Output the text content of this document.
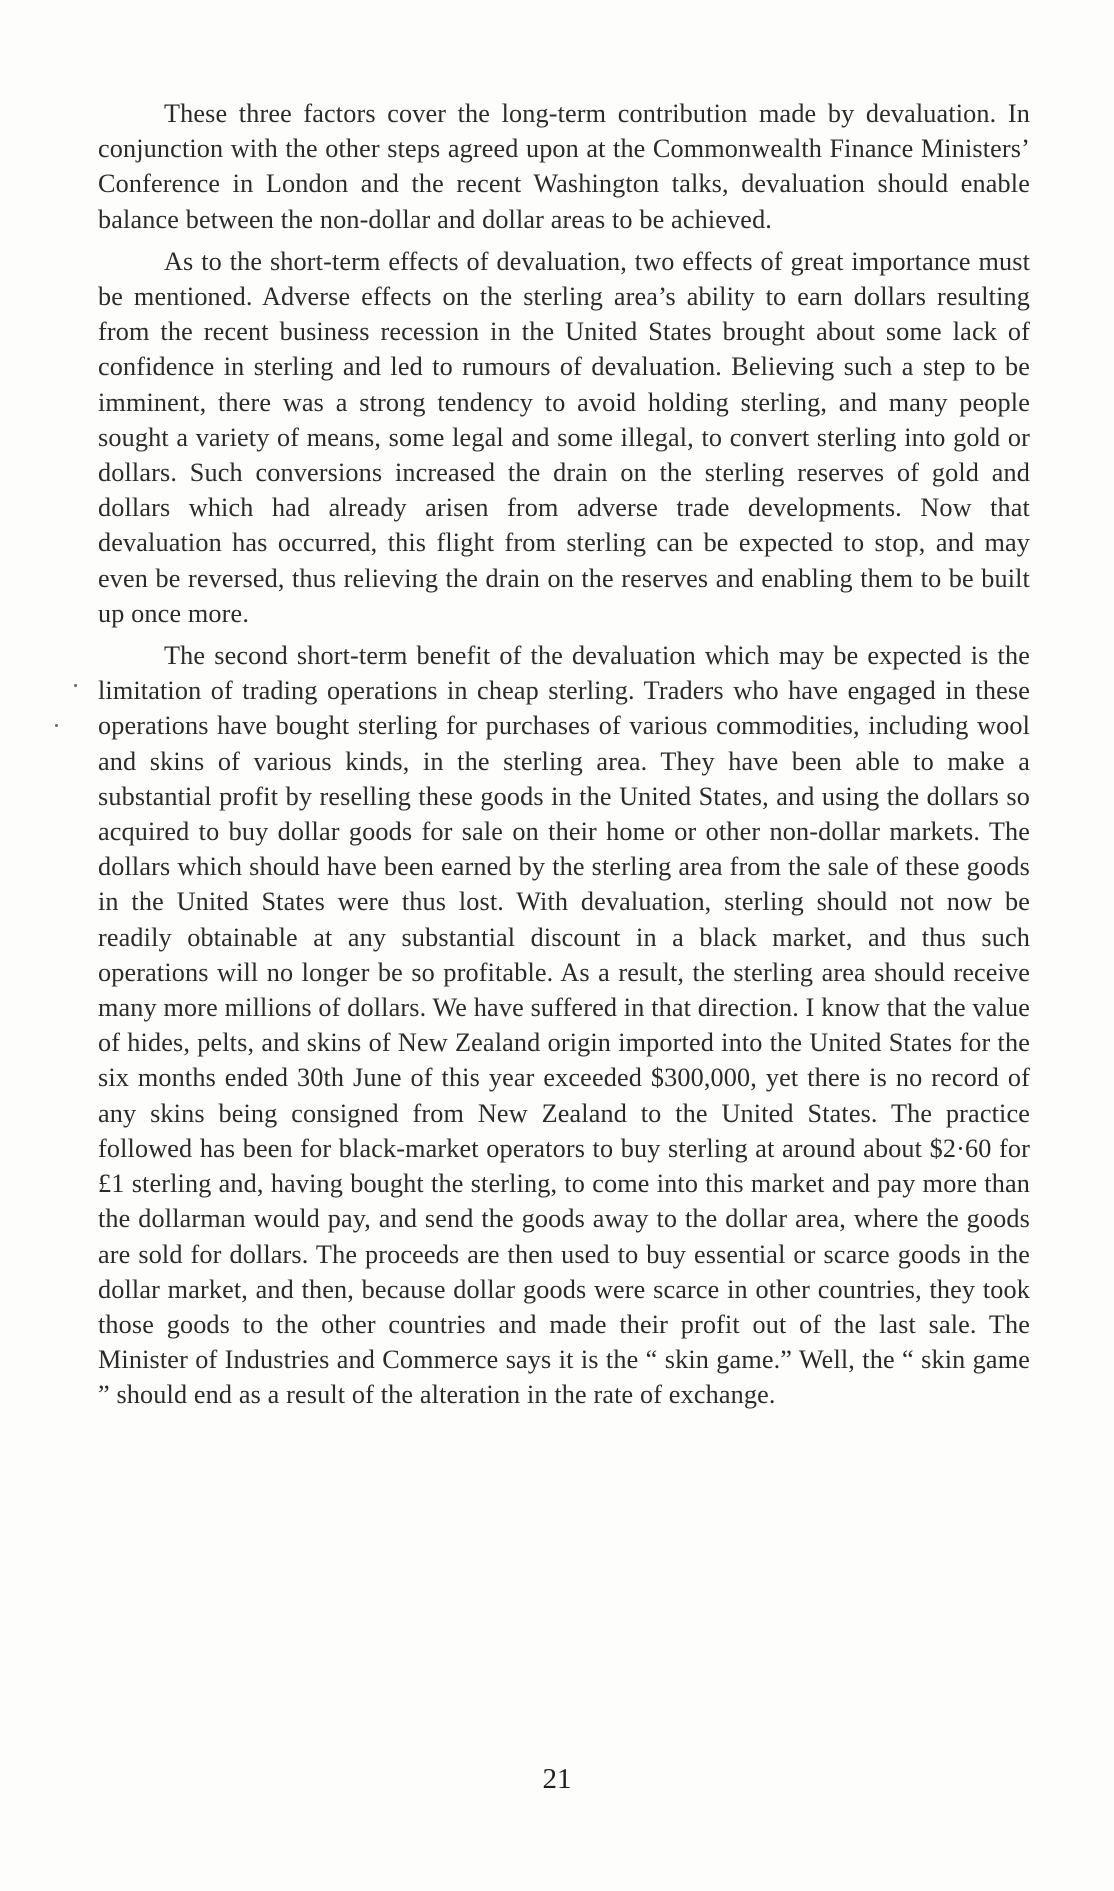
These three factors cover the long-term contribution made by devaluation. In conjunction with the other steps agreed upon at the Commonwealth Finance Ministers’ Conference in London and the recent Washington talks, devaluation should enable balance between the non-dollar and dollar areas to be achieved.

As to the short-term effects of devaluation, two effects of great importance must be mentioned. Adverse effects on the sterling area’s ability to earn dollars resulting from the recent business recession in the United States brought about some lack of confidence in sterling and led to rumours of devaluation. Believing such a step to be imminent, there was a strong tendency to avoid holding sterling, and many people sought a variety of means, some legal and some illegal, to convert sterling into gold or dollars. Such conversions increased the drain on the sterling reserves of gold and dollars which had already arisen from adverse trade developments. Now that devaluation has occurred, this flight from sterling can be expected to stop, and may even be reversed, thus relieving the drain on the reserves and enabling them to be built up once more.

The second short-term benefit of the devaluation which may be expected is the limitation of trading operations in cheap sterling. Traders who have engaged in these operations have bought sterling for purchases of various commodities, including wool and skins of various kinds, in the sterling area. They have been able to make a substantial profit by reselling these goods in the United States, and using the dollars so acquired to buy dollar goods for sale on their home or other non-dollar markets. The dollars which should have been earned by the sterling area from the sale of these goods in the United States were thus lost. With devaluation, sterling should not now be readily obtainable at any substantial discount in a black market, and thus such operations will no longer be so profitable. As a result, the sterling area should receive many more millions of dollars. We have suffered in that direction. I know that the value of hides, pelts, and skins of New Zealand origin imported into the United States for the six months ended 30th June of this year exceeded $300,000, yet there is no record of any skins being consigned from New Zealand to the United States. The practice followed has been for black-market operators to buy sterling at around about $2·60 for £1 sterling and, having bought the sterling, to come into this market and pay more than the dollarman would pay, and send the goods away to the dollar area, where the goods are sold for dollars. The proceeds are then used to buy essential or scarce goods in the dollar market, and then, because dollar goods were scarce in other countries, they took those goods to the other countries and made their profit out of the last sale. The Minister of Industries and Commerce says it is the “ skin game.” Well, the “ skin game ” should end as a result of the alteration in the rate of exchange.

21
